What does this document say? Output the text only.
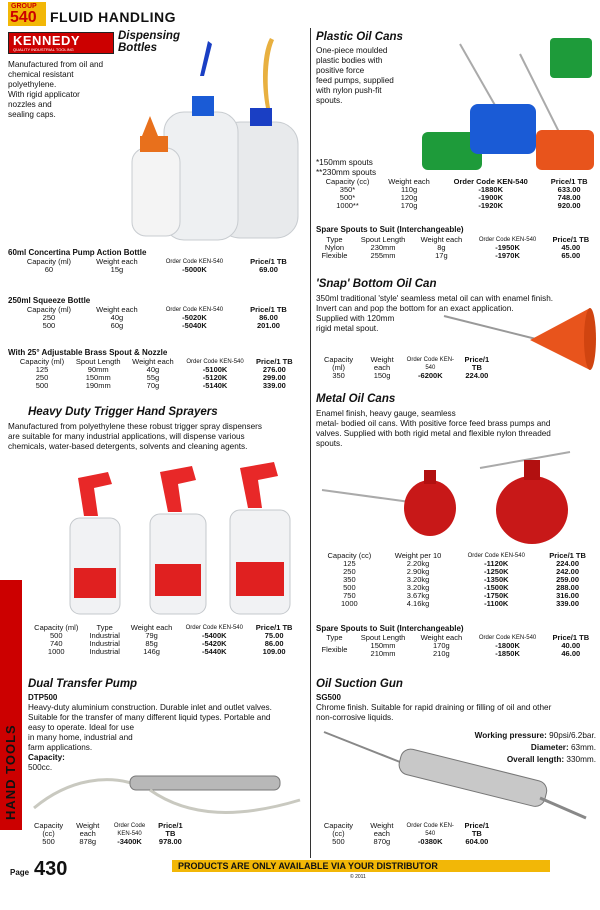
GROUP
540 FLUID HANDLING
KENNEDY
QUALITY INDUSTRIAL TOOLING
Dispensing
Bottles
Manufactured from oil and
chemical resistant
polyethylene.
With rigid applicator
nozzles and
sealing caps.
60ml Concertina Pump Action Bottle
Capacity (ml)	Weight each	Order Code KEN-540	Price/1 TB
60	15g	-5000K	69.00
250ml Squeeze Bottle
Capacity (ml)	Weight each	Order Code KEN-540	Price/1 TB
250	40g	-5020K	86.00
500	60g	-5040K	201.00
With 25° Adjustable Brass Spout & Nozzle
Capacity (ml)	Spout Length	Weight each	Order Code KEN-540	Price/1 TB
125	90mm	40g	-5100K	276.00
250	150mm	55g	-5120K	299.00
500	190mm	70g	-5140K	339.00
Heavy Duty Trigger Hand Sprayers
Manufactured from polyethylene these robust trigger spray dispensers
are suitable for many industrial applications, will dispense various
chemicals, water-based detergents, solvents and cleaning agents.
Capacity (ml)	Type	Weight each	Order Code KEN-540	Price/1 TB
500	Industrial	79g	-5400K	75.00
740	Industrial	85g	-5420K	86.00
1000	Industrial	146g	-5440K	109.00
HAND TOOLS
Dual Transfer Pump
DTP500
Heavy-duty aluminium construction. Durable inlet and outlet valves.
Suitable for the transfer of many different liquid types. Portable and
easy to operate. Ideal for use
in many home, industrial and
farm applications.
Capacity:
500cc.
Capacity (cc)	Weight each	Order Code KEN-540	Price/1 TB
500	878g	-3400K	978.00
Plastic Oil Cans
One-piece moulded
plastic bodies with
positive force
feed pumps, supplied
with nylon push-fit
spouts.
*150mm spouts
**230mm spouts
Capacity (cc)	Weight each	Order Code KEN-540	Price/1 TB
350*	110g	-1880K	633.00
500*	120g	-1900K	748.00
1000**	170g	-1920K	920.00
Spare Spouts to Suit (Interchangeable)
Type	Spout Length	Weight each	Order Code KEN-540	Price/1 TB
Nylon	230mm	8g	-1950K	45.00
Flexible	255mm	17g	-1970K	65.00
'Snap' Bottom Oil Can
350ml traditional 'style' seamless metal oil can with enamel finish.
Invert can and pop the bottom for an exact application.
Supplied with 120mm
rigid metal spout.
Capacity (ml)	Weight each	Order Code KEN-540	Price/1 TB
350	150g	-6200K	224.00
Metal Oil Cans
Enamel finish, heavy gauge, seamless
metal- bodied oil cans. With positive force feed brass pumps and
valves. Supplied with both rigid metal and flexible nylon threaded
spouts.
Capacity (cc)	Weight per 10	Order Code KEN-540	Price/1 TB
125	2.20kg	-1120K	224.00
250	2.90kg	-1250K	242.00
350	3.20kg	-1350K	259.00
500	3.20kg	-1500K	288.00
750	3.67kg	-1750K	316.00
1000	4.16kg	-1100K	339.00
Spare Spouts to Suit (Interchangeable)
Type	Spout Length	Weight each	Order Code KEN-540	Price/1 TB
Flexible	150mm	170g	-1800K	40.00
	210mm	210g	-1850K	46.00
Oil Suction Gun
SG500
Chrome finish. Suitable for rapid draining or filling of oil and other
non-corrosive liquids.
Working pressure: 90psi/6.2bar.
Diameter: 63mm.
Overall length: 330mm.
Capacity (cc)	Weight each	Order Code KEN-540	Price/1 TB
500	870g	-0380K	604.00
Page 430	PRODUCTS ARE ONLY AVAILABLE VIA YOUR DISTRIBUTOR
© 2011
